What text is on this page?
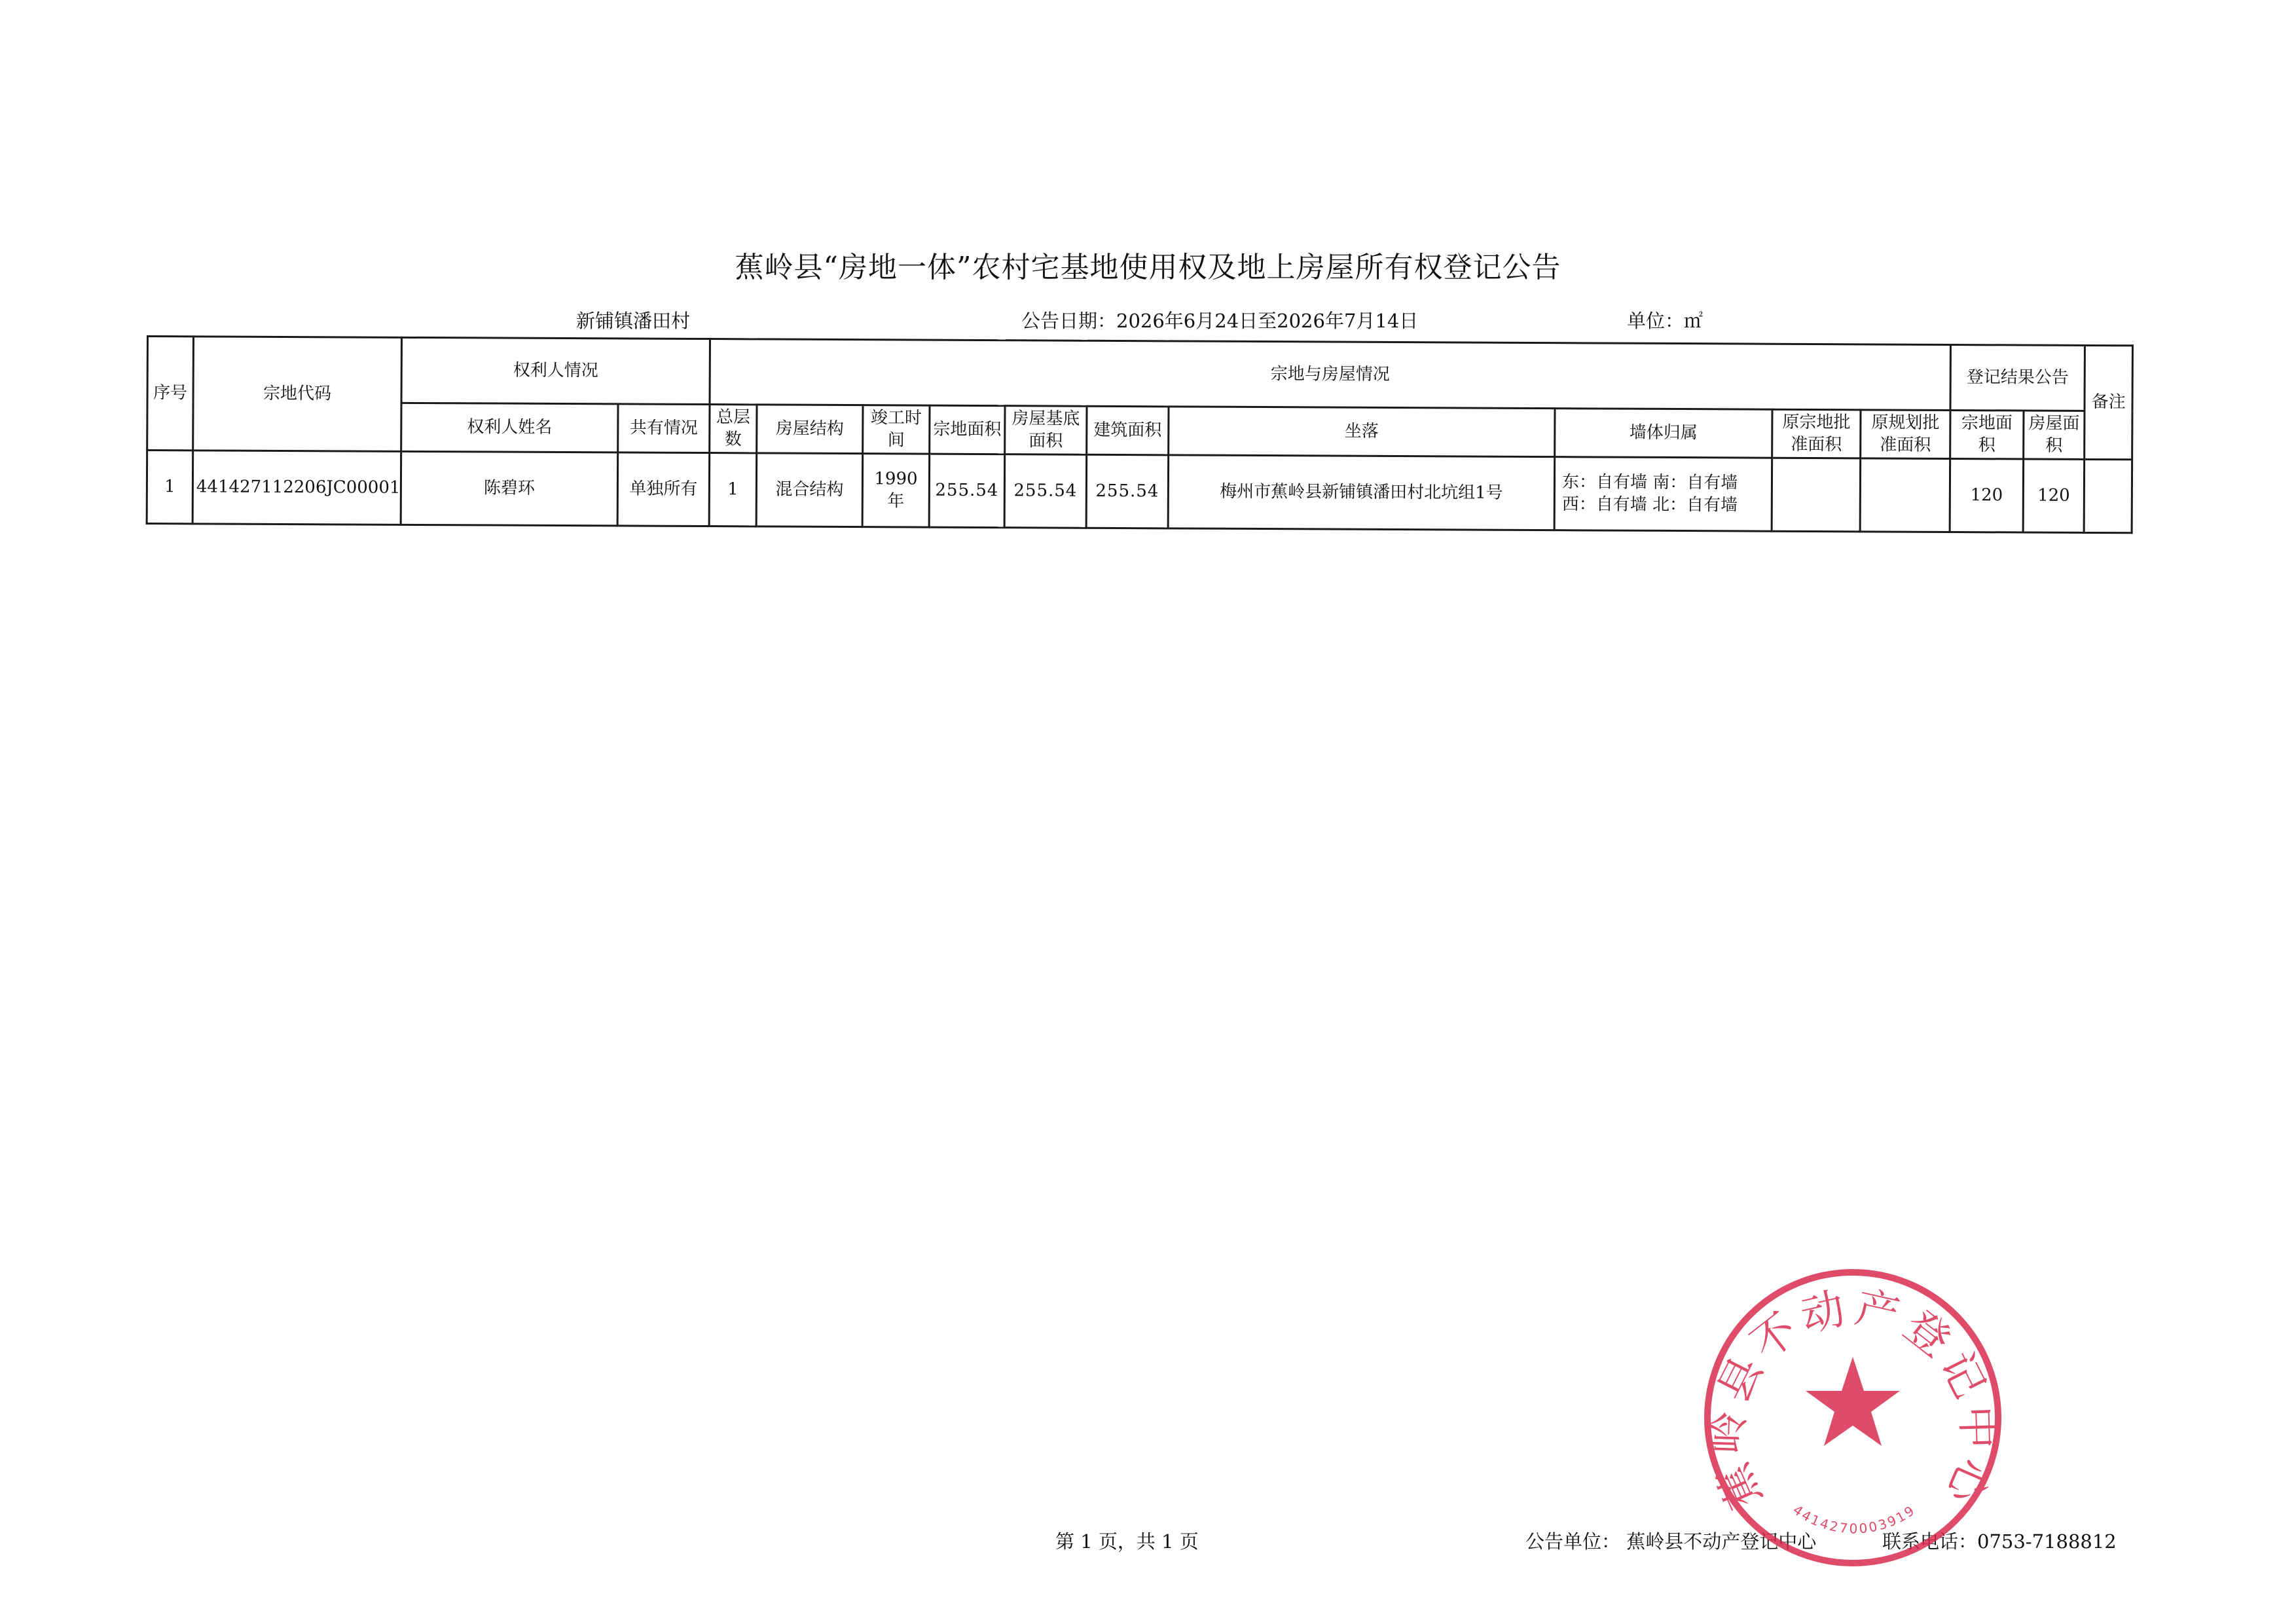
蕉岭县“房地一体”农村宅基地使用权及地上房屋所有权登记公告
新铺镇潘田村	公告日期：2026年6月24日至2026年7月14日	单位：㎡
序号	宗地代码	权利人情况		宗地与房屋情况										登记结果公告		备注
		权利人姓名	共有情况	总层数	房屋结构	竣工时间	宗地面积	房屋基底面积	建筑面积	坐落	墙体归属	原宗地批准面积	原规划批准面积	宗地面积	房屋面积	
1	441427112206JC00001	陈碧环	单独所有	1	混合结构	1990年	255.54	255.54	255.54	梅州市蕉岭县新铺镇潘田村北坑组1号	东：自有墙 南：自有墙
西：自有墙 北：自有墙			120	120	
第 1 页，共 1 页	公告单位： 蕉岭县不动产登记中心	联系电话：0753-7188812
蕉岭县不动产登记中心
4414270003919
